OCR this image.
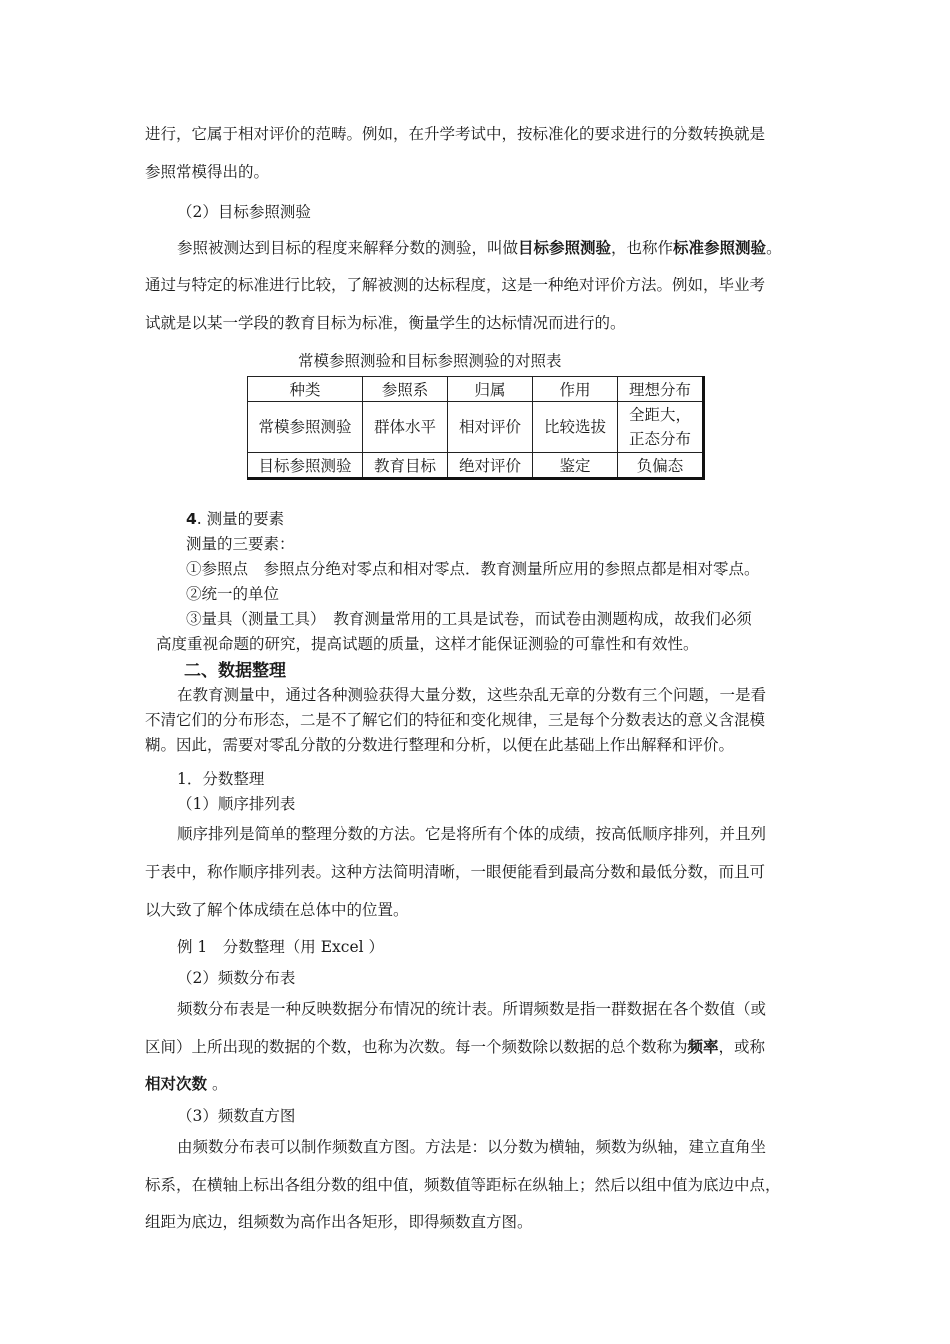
进行，它属于相对评价的范畴。例如，在升学考试中，按标准化的要求进行的分数转换就是
参照常模得出的。
（2）目标参照测验
参照被测达到目标的程度来解释分数的测验，叫做目标参照测验，也称作标准参照测验。
通过与特定的标准进行比较，了解被测的达标程度，这是一种绝对评价方法。例如，毕业考
试就是以某一学段的教育目标为标准，衡量学生的达标情况而进行的。
常模参照测验和目标参照测验的对照表
种类	参照系	归属	作用	理想分布
常模参照测验	群体水平	相对评价	比较选拔	全距大，
正态分布

目标参照测验	教育目标	绝对评价	鉴定	负偏态
4. 测量的要素
测量的三要素：
①参照点　参照点分绝对零点和相对零点．教育测量所应用的参照点都是相对零点。
②统一的单位
③量具（测量工具）　教育测量常用的工具是试卷，而试卷由测题构成，故我们必须
高度重视命题的研究，提高试题的质量，这样才能保证测验的可靠性和有效性。
二、数据整理
在教育测量中，通过各种测验获得大量分数，这些杂乱无章的分数有三个问题，一是看
不清它们的分布形态，二是不了解它们的特征和变化规律，三是每个分数表达的意义含混模
糊。因此，需要对零乱分散的分数进行整理和分析，以便在此基础上作出解释和评价。
1．分数整理
（1）顺序排列表
顺序排列是简单的整理分数的方法。它是将所有个体的成绩，按高低顺序排列，并且列
于表中，称作顺序排列表。这种方法简明清晰，一眼便能看到最高分数和最低分数，而且可
以大致了解个体成绩在总体中的位置。
例 1　分数整理（用 Excel ）
（2）频数分布表
频数分布表是一种反映数据分布情况的统计表。所谓频数是指一群数据在各个数值（或
区间）上所出现的数据的个数，也称为次数。每一个频数除以数据的总个数称为频率，或称
相对次数 。
（3）频数直方图
由频数分布表可以制作频数直方图。方法是：以分数为横轴，频数为纵轴，建立直角坐
标系，在横轴上标出各组分数的组中值，频数值等距标在纵轴上；然后以组中值为底边中点，
组距为底边，组频数为高作出各矩形，即得频数直方图。
